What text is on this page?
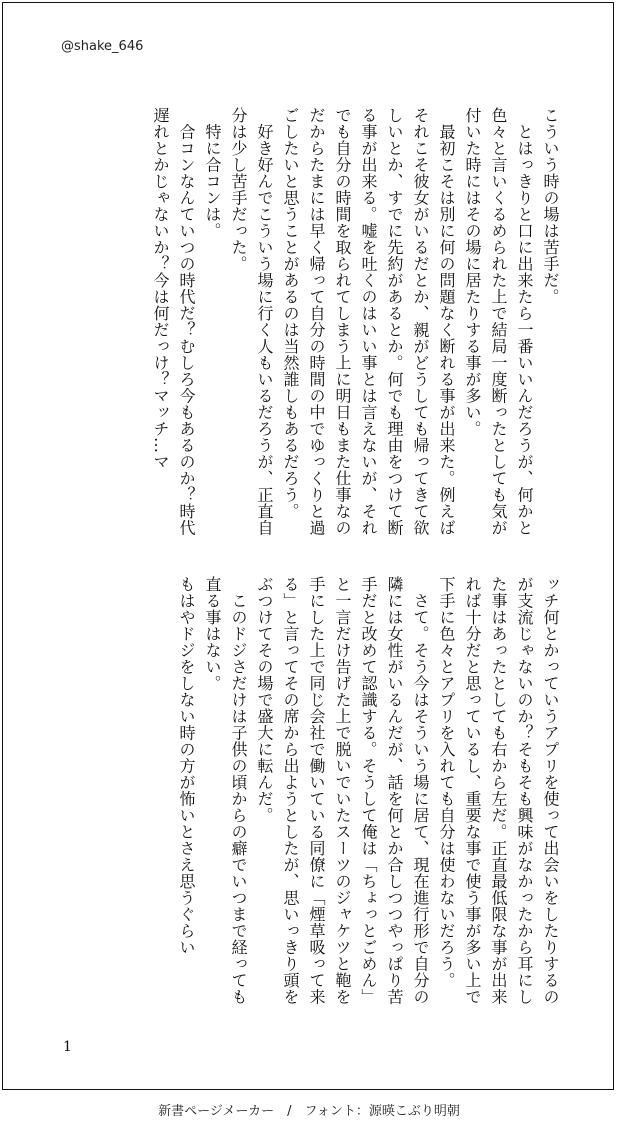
@shake_646

こういう時の場は苦手だ。

　とはっきりと口に出来たら一番いいんだろうが、何かと色々と言いくるめられた上で結局一度断ったとしても気が付いた時にはその場に居たりする事が多い。

　最初こそは別に何の問題なく断れる事が出来た。例えばそれこそ彼女がいるだとか、親がどうしても帰ってきて欲しいとか、すでに先約があるとか。何でも理由をつけて断る事が出来る。嘘を吐くのはいい事とは言えないが、それでも自分の時間を取られてしまう上に明日もまた仕事なのだからたまには早く帰って自分の時間の中でゆっくりと過ごしたいと思うことがあるのは当然誰しもあるだろう。

　好き好んでこういう場に行く人もいるだろうが、正直自分は少し苦手だった。

　特に合コンは。

　合コンなんていつの時代だ？むしろ今もあるのか？時代遅れとかじゃないか？今は何だっけ？マッチ…マ

ッチ何とかっていうアプリを使って出会いをしたりするのが支流じゃないのか？そもそも興味がなかったから耳にした事はあったとしても右から左だ。正直最低限な事が出来れば十分だと思っているし、重要な事で使う事が多い上で下手に色々とアプリを入れても自分は使わないだろう。

　さて。そう今はそういう場に居て、現在進行形で自分の隣には女性がいるんだが、話を何とか合しつつやっぱり苦手だと改めて認識する。そうして俺は「ちょっとごめん」と一言だけ告げた上で脱いでいたスーツのジャケツと鞄を手にした上で同じ会社で働いている同僚に「煙草吸って来る」と言ってその席から出ようとしたが、思いっきり頭をぶつけてその場で盛大に転んだ。

　このドジさだけは子供の頃からの癖でいつまで経っても直る事はない。

もはやドジをしない時の方が怖いとさえ思うぐらい

1
新書ページメーカー　/　フォント：源暎こぶり明朝
